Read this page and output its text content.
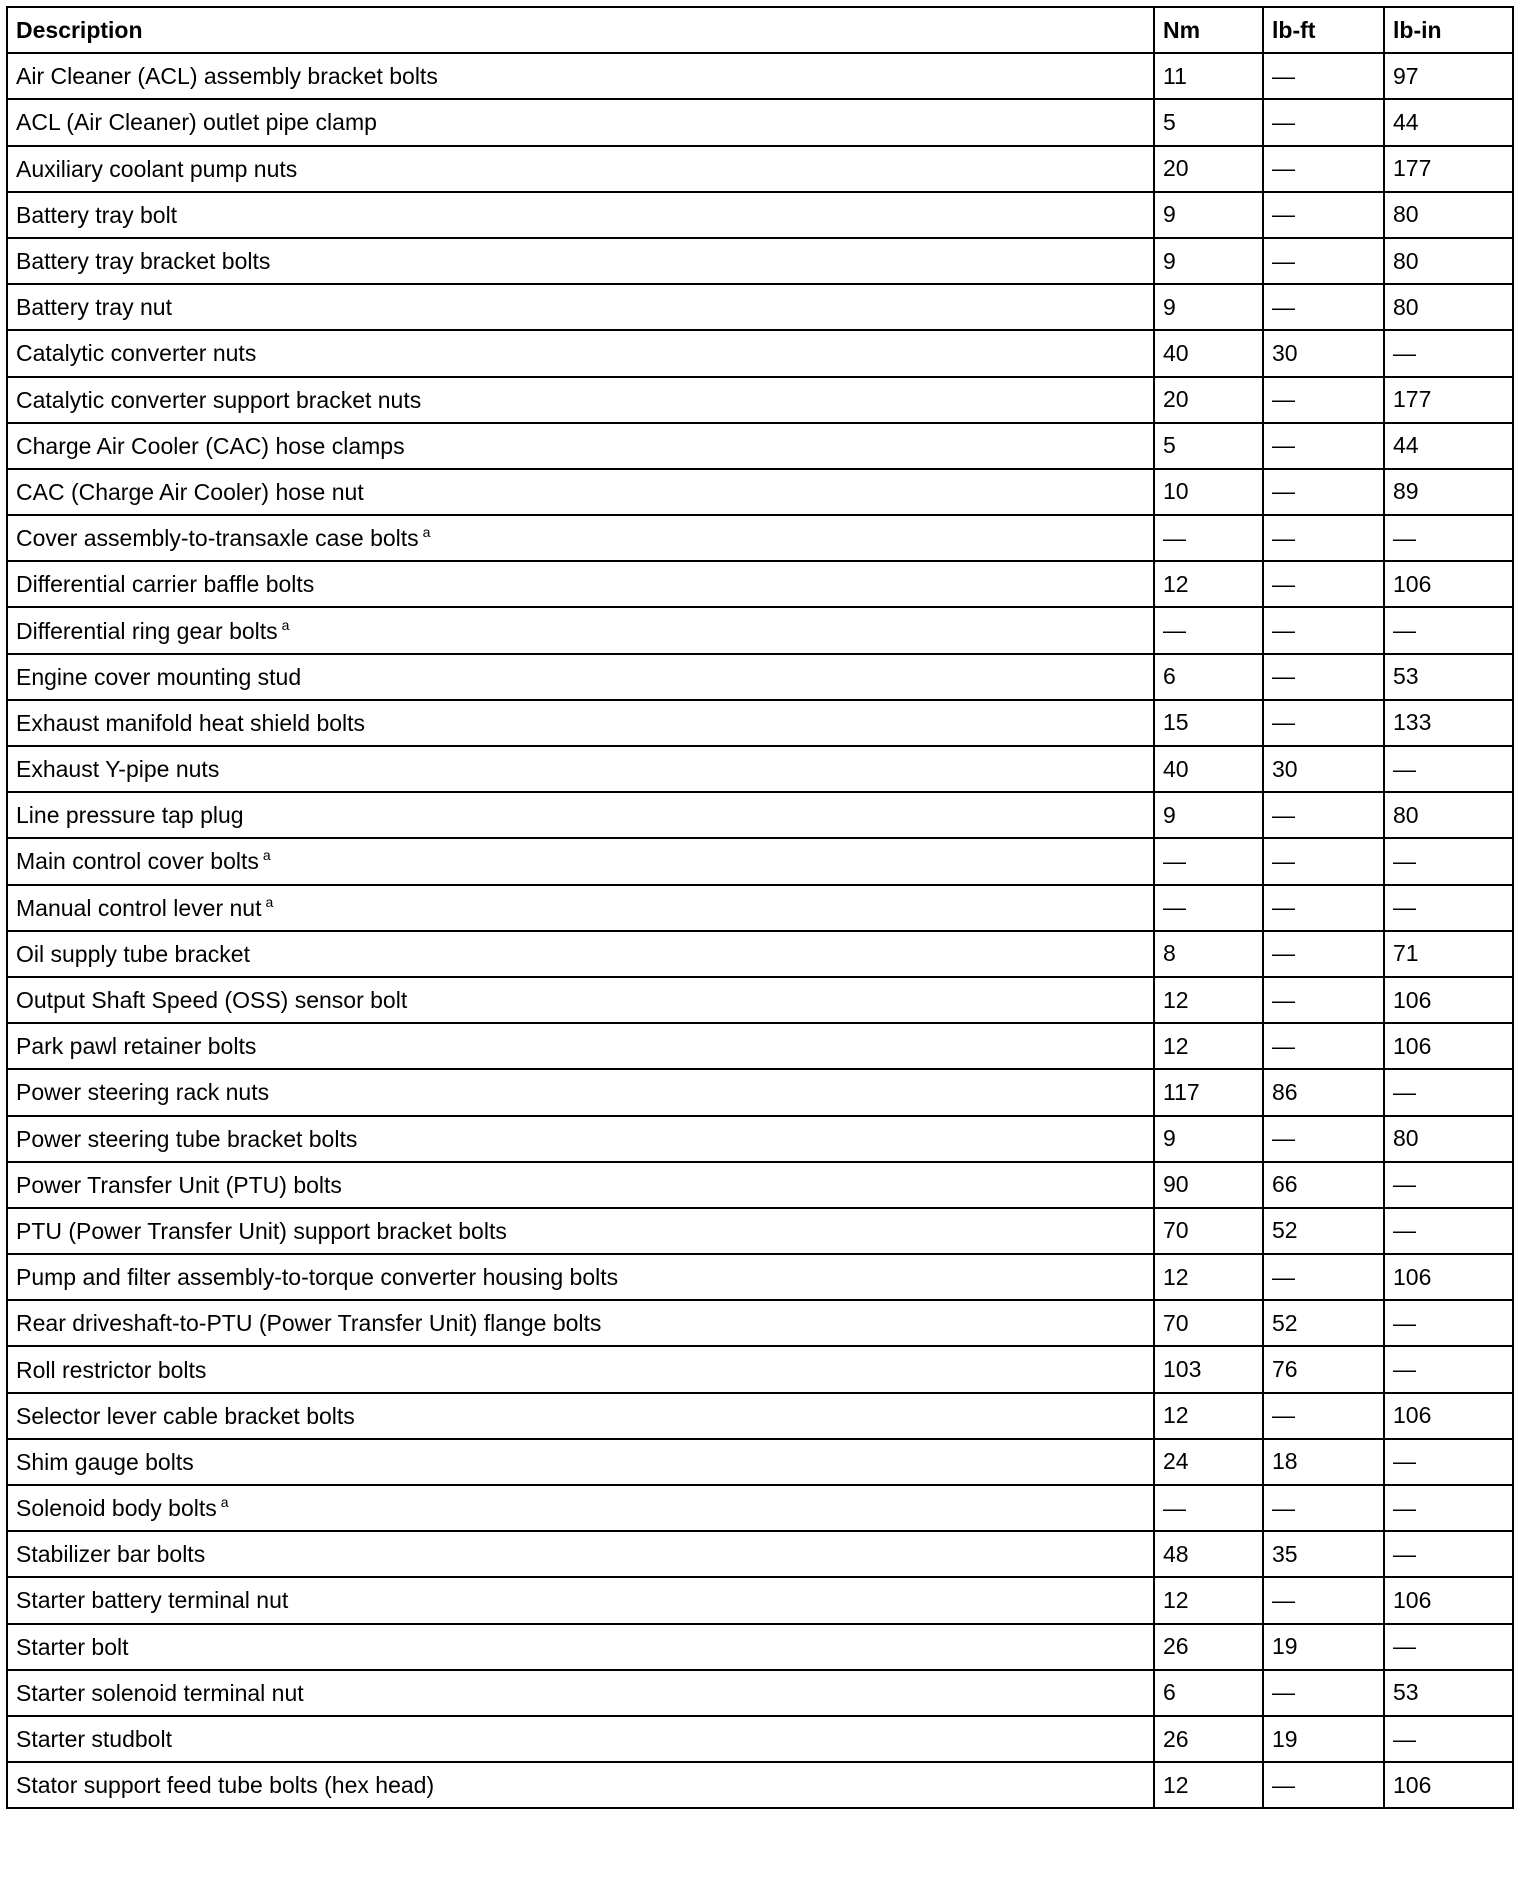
Description	Nm	lb-ft	lb-in
Air Cleaner (ACL) assembly bracket bolts	11	—	97
ACL (Air Cleaner) outlet pipe clamp	5	—	44
Auxiliary coolant pump nuts	20	—	177
Battery tray bolt	9	—	80
Battery tray bracket bolts	9	—	80
Battery tray nut	9	—	80
Catalytic converter nuts	40	30	—
Catalytic converter support bracket nuts	20	—	177
Charge Air Cooler (CAC) hose clamps	5	—	44
CAC (Charge Air Cooler) hose nut	10	—	89
Cover assembly-to-transaxle case bolts $^a$	—	—	—
Differential carrier baffle bolts	12	—	106
Differential ring gear bolts $^a$	—	—	—
Engine cover mounting stud	6	—	53
Exhaust manifold heat shield bolts	15	—	133
Exhaust Y-pipe nuts	40	30	—
Line pressure tap plug	9	—	80
Main control cover bolts $^a$	—	—	—
Manual control lever nut $^a$	—	—	—
Oil supply tube bracket	8	—	71
Output Shaft Speed (OSS) sensor bolt	12	—	106
Park pawl retainer bolts	12	—	106
Power steering rack nuts	117	86	—
Power steering tube bracket bolts	9	—	80
Power Transfer Unit (PTU) bolts	90	66	—
PTU (Power Transfer Unit) support bracket bolts	70	52	—
Pump and filter assembly-to-torque converter housing bolts	12	—	106
Rear driveshaft-to-PTU (Power Transfer Unit) flange bolts	70	52	—
Roll restrictor bolts	103	76	—
Selector lever cable bracket bolts	12	—	106
Shim gauge bolts	24	18	—
Solenoid body bolts $^a$	—	—	—
Stabilizer bar bolts	48	35	—
Starter battery terminal nut	12	—	106
Starter bolt	26	19	—
Starter solenoid terminal nut	6	—	53
Starter studbolt	26	19	—
Stator support feed tube bolts (hex head)	12	—	106
